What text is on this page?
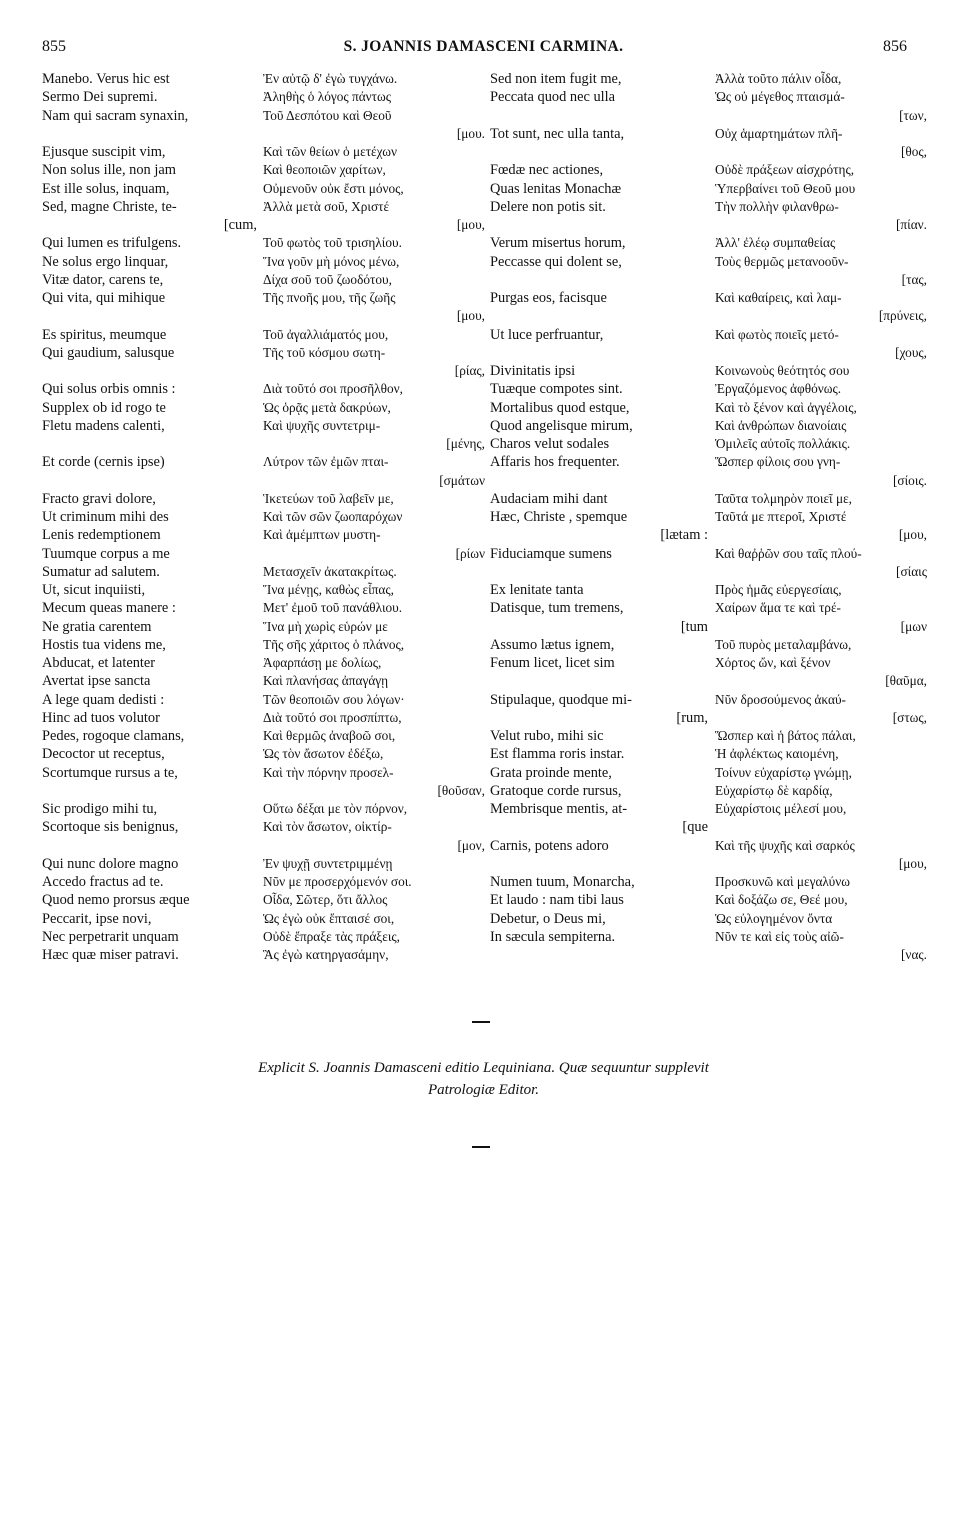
855	S. JOANNIS DAMASCENI CARMINA.	856
Manebo. Verus hic est
Sermo Dei supremi.
Nam qui sacram synaxin,
Ejusque suscipit vim,
Non solus ille, non jam
Est ille solus, inquam,
Sed, magne Christe, te-
[cum,
Qui lumen es trifulgens.
Ne solus ergo linquar,
Vitæ dator, carens te,
Qui vita, qui mihique
Es spiritus, meumque
Qui gaudium, salusque
Qui solus orbis omnis :
Supplex ob id rogo te
Fletu madens calenti,
Et corde (cernis ipse)
Fracto gravi dolore,
Ut criminum mihi des
Lenis redemptionem
Tuumque corpus a me
Sumatur ad salutem.
Ut, sicut inquiisti,
Mecum queas manere :
Ne gratia carentem
Hostis tua videns me,
Abducat, et latenter
Avertat ipse sancta
A lege quam dedisti :
Hinc ad tuos volutor
Pedes, rogoque clamans,
Decoctor ut receptus,
Scortumque rursus a te,
Sic prodigo mihi tu,
Scortoque sis benignus,
Qui nunc dolore magno
Accedo fractus ad te.
Quod nemo prorsus æque
Peccarit, ipse novi,
Nec perpetrarit unquam
Hæc quæ miser patravi.
Ἐν αὐτῷ δ' ἐγὼ τυγχάνω.
Ἀληθὴς ὁ λόγος πάντως
Τοῦ Δεσπότου καὶ Θεοῦ
[μου.
Καὶ τῶν θείων ὁ μετέχων
Καὶ θεοποιῶν χαρίτων,
Οὐμενοῦν οὐκ ἔστι μόνος,
Ἀλλὰ μετὰ σοῦ, Χριστέ
[μου,
Τοῦ φωτὸς τοῦ τρισηλίου.
Ἵνα γοῦν μὴ μόνος μένω,
Δίχα σοῦ τοῦ ζωοδότου,
Τῆς πνοῆς μου, τῆς ζωῆς
[μου,
Τοῦ ἀγαλλιάματός μου,
Τῆς τοῦ κόσμου σωτη-
[ρίας,
Διὰ τοῦτό σοι προσῆλθον,
Ὡς ὁρᾷς μετὰ δακρύων,
Καὶ ψυχῆς συντετριμ-
[μένης,
Λύτρον τῶν ἐμῶν πται-
[σμάτων
Ἱκετεύων τοῦ λαβεῖν με,
Καὶ τῶν σῶν ζωοπαρόχων
Καὶ ἀμέμπτων μυστη-
[ρίων
Μετασχεῖν ἀκατακρίτως.
Ἵνα μένῃς, καθὼς εἶπας,
Μετ' ἐμοῦ τοῦ πανάθλιου.
Ἵνα μὴ χωρὶς εὑρών με
Τῆς σῆς χάριτος ὁ πλάνος,
Ἀφαρπάσῃ με δολίως,
Καὶ πλανήσας ἀπαγάγῃ
Τῶν θεοποιῶν σου λόγων·
Διὰ τοῦτό σοι προσπίπτω,
Καὶ θερμῶς ἀναβοῶ σοι,
Ὡς τὸν ἄσωτον ἐδέξω,
Καὶ τὴν πόρνην προσελ-
[θοῦσαν,
Οὕτω δέξαι με τὸν πόρνον,
Καὶ τὸν ἄσωτον, οἰκτίρ-
[μον,
Ἐν ψυχῇ συντετριμμένῃ
Νῦν με προσερχόμενόν σοι.
Οἶδα, Σῶτερ, ὅτι ἄλλος
Ὡς ἐγὼ οὐκ ἔπταισέ σοι,
Οὐδὲ ἔπραξε τὰς πράξεις,
Ἃς ἐγὼ κατηργασάμην,
Sed non item fugit me,
Peccata quod nec ulla
Tot sunt, nec ulla tanta,
Fœdæ nec actiones,
Quas lenitas Monachæ
Delere non potis sit.
Verum misertus horum,
Peccasse qui dolent se,
Purgas eos, facisque
Ut luce perfruantur,
Divinitatis ipsi
Tuæque compotes sint.
Mortalibus quod estque,
Quod angelisque mirum,
Charos velut sodales
Affaris hos frequenter.
Audaciam mihi dant
Hæc, Christe , spemque
[lætam :
Fiduciamque sumens
Ex lenitate tanta
Datisque, tum tremens,
[tum
Assumo lætus ignem,
Fenum licet, licet sim
Stipulaque, quodque mi-
[rum,
Velut rubo, mihi sic
Est flamma roris instar.
Grata proinde mente,
Gratoque corde rursus,
Membrisque mentis, at-
[que
Carnis, potens adoro
Numen tuum, Monarcha,
Et laudo : nam tibi laus
Debetur, o Deus mi,
In sæcula sempiterna.
Ἀλλὰ τοῦτο πάλιν οἶδα,
Ὡς οὐ μέγεθος πταισμά-
[των,
Οὐχ ἁμαρτημάτων πλῆ-
[θος,
Οὐδὲ πράξεων αἰσχρότης,
Ὑπερβαίνει τοῦ Θεοῦ μου
Τὴν πολλὴν φιλανθρω-
[πίαν.
Ἀλλ' ἐλέῳ συμπαθείας
Τοὺς θερμῶς μετανοοῦν-
[τας,
Καὶ καθαίρεις, καὶ λαμ-
[πρύνεις,
Καὶ φωτὸς ποιεῖς μετό-
[χους,
Κοινωνοὺς θεότητός σου
Ἐργαζόμενος ἀφθόνως.
Καὶ τὸ ξένον καὶ ἀγγέλοις,
Καὶ ἀνθρώπων διανοίαις
Ὁμιλεῖς αὐτοῖς πολλάκις.
Ὥσπερ φίλοις σου γνη-
[σίοις.
Ταῦτα τολμηρὸν ποιεῖ με,
Ταῦτά με πτεροῖ, Χριστέ
[μου,
Καὶ θαῤῥῶν σου ταῖς πλού-
[σίαις
Πρὸς ἡμᾶς εὐεργεσίαις,
Χαίρων ἅμα τε καὶ τρέ-
[μων
Τοῦ πυρὸς μεταλαμβάνω,
Χόρτος ὤν, καὶ ξένον
[θαῦμα,
Νῦν δροσούμενος ἀκαύ-
[στως,
Ὥσπερ καὶ ἡ βάτος πάλαι,
Ἡ ἀφλέκτως καιομένη,
Τοίνυν εὐχαρίστῳ γνώμῃ,
Εὐχαρίστῳ δὲ καρδίᾳ,
Εὐχαρίστοις μέλεσί μου,
Καὶ τῆς ψυχῆς καὶ σαρκός
[μου,
Προσκυνῶ καὶ μεγαλύνω
Καὶ δοξάζω σε, Θεέ μου,
Ὡς εὐλογημένον ὄντα
Νῦν τε καὶ εἰς τοὺς αἰῶ-
[νας.
Explicit S. Joannis Damasceni editio Lequiniana. Quæ sequuntur supplevit
Patrologiæ Editor.
